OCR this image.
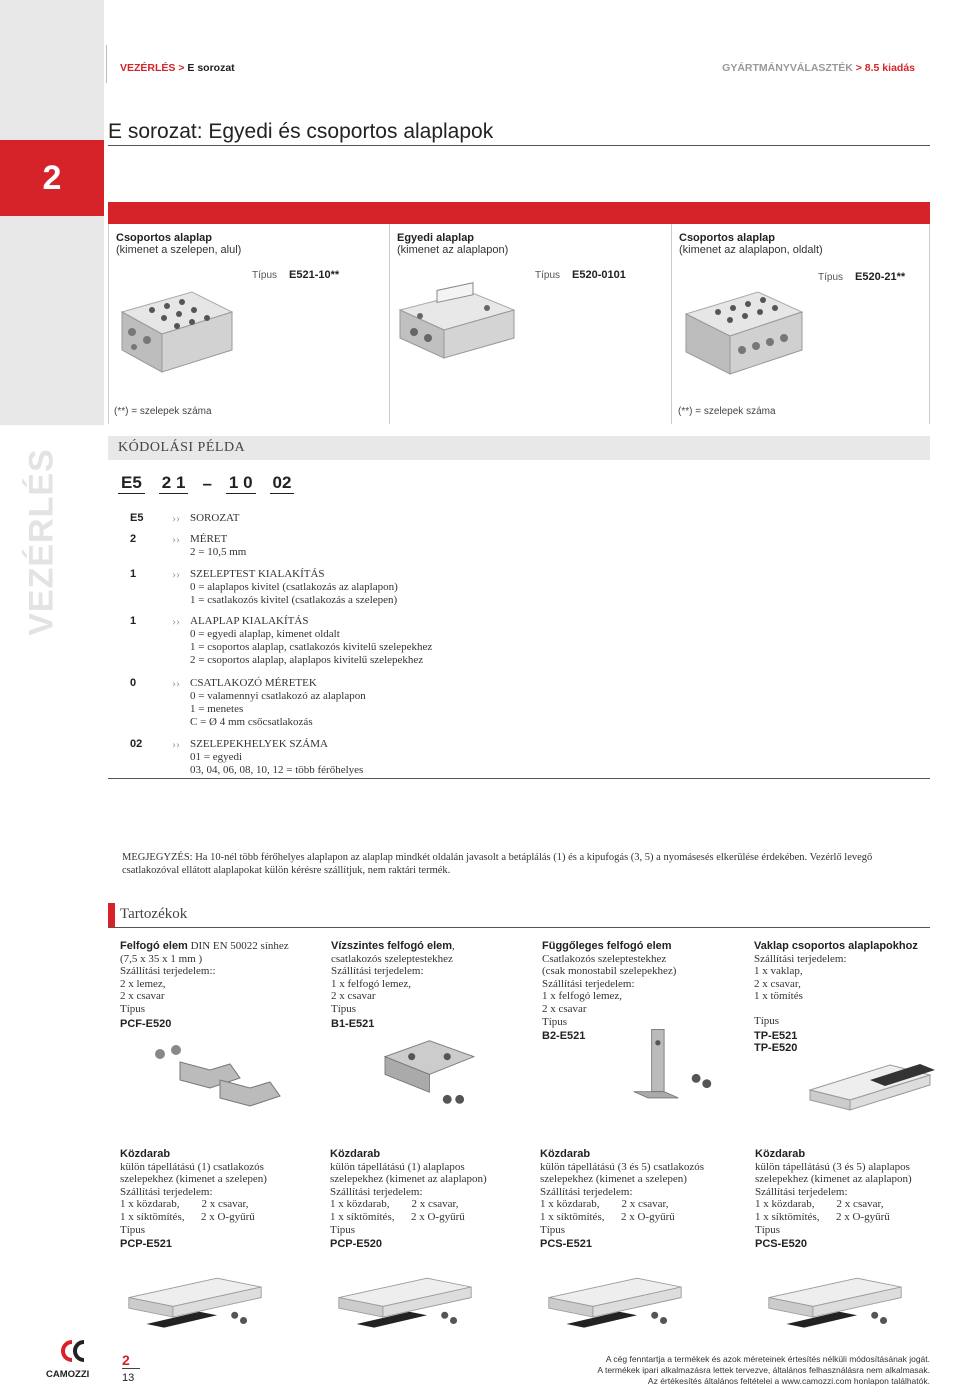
2
VEZÉRLÉS
VEZÉRLÉS > E sorozat	GYÁRTMÁNYVÁLASZTÉK > 8.5 kiadás
E sorozat: Egyedi és csoportos alaplapok
Csoportos alaplap
(kimenet a szelepen, alul)
Típus E521-10**
(**) = szelepek száma
Egyedi alaplap
(kimenet az alaplapon)
Típus E520-0101
Csoportos alaplap
(kimenet az alaplapon, oldalt)
Típus E520-21**
(**) = szelepek száma
KÓDOLÁSI PÉLDA
E5 2 1 – 1 0 02
E5 ›› SOROZAT
2	›› MÉRET
2 = 10,5 mm
1	›› SZELEPTEST KIALAKÍTÁS
0 = alaplapos kivitel (csatlakozás az alaplapon)
1 = csatlakozós kivitel (csatlakozás a szelepen)
1	›› ALAPLAP KIALAKÍTÁS
0 = egyedi alaplap, kimenet oldalt
1 = csoportos alaplap, csatlakozós kivitelű szelepekhez
2 = csoportos alaplap, alaplapos kivitelű szelepekhez
0	›› CSATLAKOZÓ MÉRETEK
0 = valamennyi csatlakozó az alaplapon
1 = menetes
C = Ø 4 mm csőcsatlakozás
02 ›› SZELEPEKHELYEK SZÁMA
01 = egyedi
03, 04, 06, 08, 10, 12 = több férőhelyes
MEGJEGYZÉS: Ha 10-nél több férőhelyes alaplapon az alaplap mindkét oldalán javasolt a betáplálás (1) és a kipufogás (3, 5) a nyomásesés elkerülése érdekében. Vezérlő levegő csatlakozóval ellátott alaplapokat külön kérésre szállítjuk, nem raktári termék.
Tartozékok
Felfogó elem DIN EN 50022 sínhez
(7,5 x 35 x 1 mm )
Szállítási terjedelem::
2 x lemez,
2 x csavar
Típus
PCF-E520
Vízszintes felfogó elem,
csatlakozós szeleptestekhez
Szállítási terjedelem:
1 x felfogó lemez,
2 x csavar
Típus
B1-E521
Függőleges felfogó elem
Csatlakozós szeleptestekhez
(csak monostabil szelepekhez)
Szállítási terjedelem:
1 x felfogó lemez,
2 x csavar
Típus
B2-E521
Vaklap csoportos alaplapokhoz
Szállítási terjedelem:
1 x vaklap,
2 x csavar,
1 x tömítés
Típus
TP-E521
TP-E520
Közdarab
külön tápellátású (1) csatlakozós
szelepekhez (kimenet a szelepen)
Szállítási terjedelem:
1 x közdarab,        2 x csavar,
1 x síktömítés,      2 x O-gyűrű
Típus
PCP-E521
Közdarab
külön tápellátású (1) alaplapos
szelepekhez (kimenet az alaplapon)
Szállítási terjedelem:
1 x közdarab,        2 x csavar,
1 x síktömítés,      2 x O-gyűrű
Típus
PCP-E520
Közdarab
külön tápellátású (3 és 5) csatlakozós
szelepekhez (kimenet a szelepen)
Szállítási terjedelem:
1 x közdarab,        2 x csavar,
1 x síktömítés,      2 x O-gyűrű
Típus
PCS-E521
Közdarab
külön tápellátású (3 és 5) alaplapos
szelepekhez (kimenet az alaplapon)
Szállítási terjedelem:
1 x közdarab,        2 x csavar,
1 x síktömítés,      2 x O-gyűrű
Típus
PCS-E520
CAMOZZI
2
13
A cég fenntartja a termékek és azok méreteinek értesítés nélküli módosításának jogát.
A termékek ipari alkalmazásra lettek tervezve, általános felhasználásra nem alkalmasak.
Az értékesítés általános feltételei a www.camozzi.com honlapon találhatók.
